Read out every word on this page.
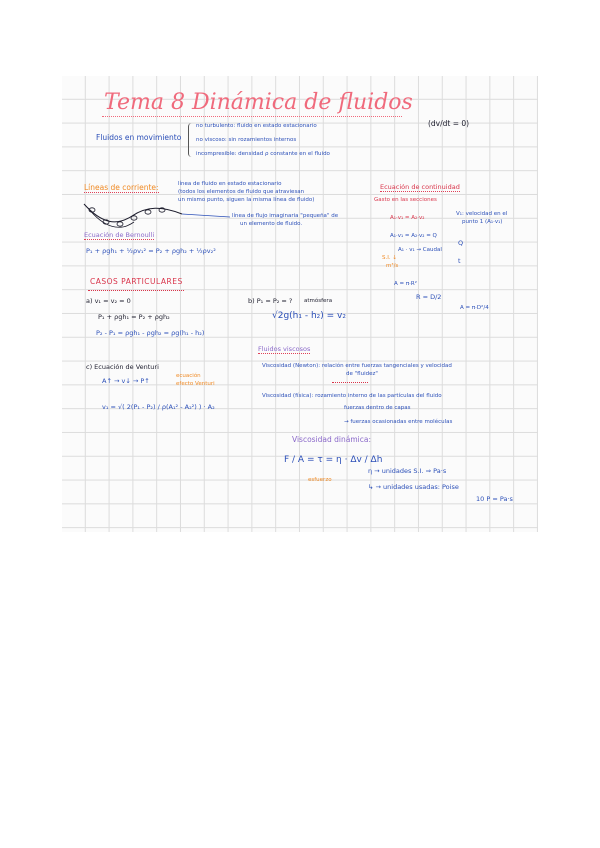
Tema 8 Dinámica de fluidos
Fluidos en movimiento
no turbulento: fluido en estado estacionario	(dv/dt = 0)
no viscoso: sin rozamientos internos
incompresible: densidad ρ constante en el fluido
Líneas de corriente:	línea de fluido en estado estacionario
(todos los elementos de fluido que atraviesan
un mismo punto, siguen la misma línea de fluido)
línea de flujo imaginaria "pequeña" de
un elemento de fluido.
Ecuación de continuidad
Gasto en las secciones
A₁·v₁ = A₂·v₂
V₁: velocidad en el
punto 1 (A₁·v₁)
A₁·v₁ = A₂·v₂ = Q
A₁ · v₁ → Caudal
Q
t
S.I. ↓
m³/s
A = π·R²
R = D/2
A = π·D²/4
Ecuación de Bernoulli
P₁ + ρgh₁ + ½ρv₁² = P₂ + ρgh₂ + ½ρv₂²
CASOS PARTICULARES
a) v₁ = v₂ = 0
P₁ + ρgh₁ = P₂ + ρgh₂
P₂ - P₁ = ρgh₁ - ρgh₂ = ρg(h₁ - h₂)
b) P₁ = P₂ = ? atmósfera
√2g(h₁ - h₂) = v₂
c) Ecuación de Venturi
A↑ → v↓ → P↑
ecuación
efecto Venturi
v₁ = √( 2(P₁ - P₂) / ρ(A₁² - A₂²) ) · A₂
Fluidos viscosos
Viscosidad (Newton): relación entre fuerzas tangenciales y velocidad
de "fluidez"
Viscosidad (física): rozamiento interno de las partículas del fluido
fuerzas dentro de capas
→ fuerzas ocasionadas entre moléculas
Viscosidad dinámica:
F / A = τ = η · Δv / Δh
esfuerzo
η → unidades S.I. ⇒ Pa·s
↳ → unidades usadas: Poise
10 P = Pa·s
